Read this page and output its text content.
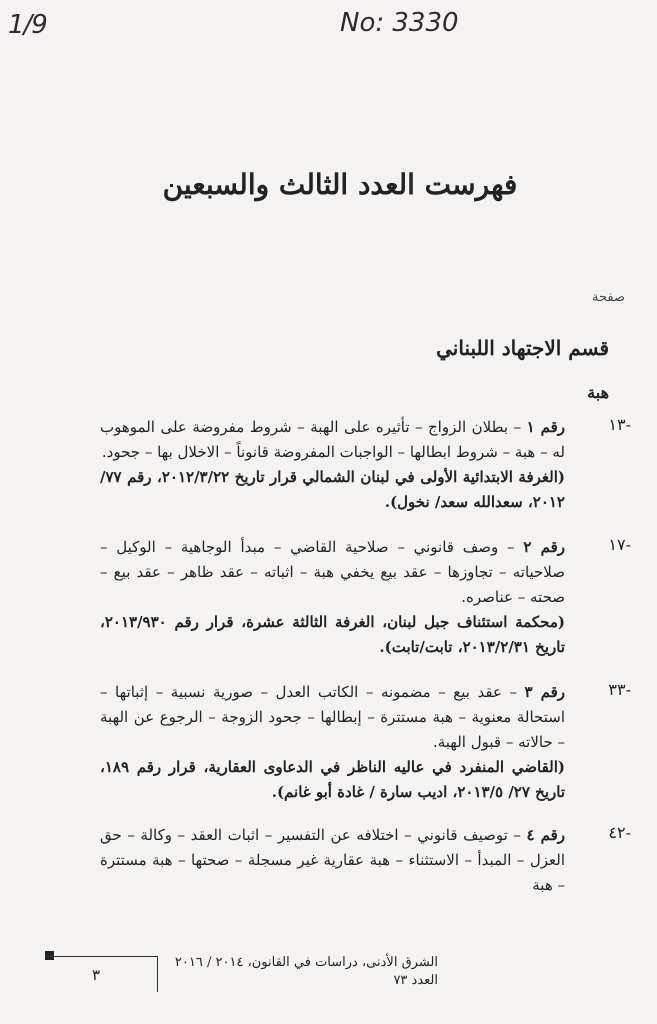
1/9	No: 3330
فهرست العدد الثالث والسبعين
صفحة
قسم الاجتهاد اللبناني
هبة
-١٣
رقم ١ – بطلان الزواج – تأثيره على الهبة – شروط مفروضة على الموهوب له – هبة – شروط ابطالها – الواجبات المفروضة قانوناً – الاخلال بها – جحود.
(الغرفة الابتدائية الأولى في لبنان الشمالي قرار تاريخ ٢٠١٢/٣/٢٢، رقم ٧٧/ ٢٠١٢، سعدالله سعد/ نخول).
-١٧
رقم ٢ – وصف قانوني – صلاحية القاضي – مبدأ الوجاهية – الوكيل – صلاحياته – تجاوزها – عقد بيع يخفي هبة – اثباته – عقد ظاهر – عقد بيع – صحته – عناصره.
(محكمة استئناف جبل لبنان، الغرفة الثالثة عشرة، قرار رقم ٢٠١٣/٩٣٠، تاريخ ٢٠١٣/٢/٣١، تابت/تابت).
-٣٣
رقم ٣ – عقد بيع – مضمونه – الكاتب العدل – صورية نسبية – إثباتها – استحالة معنوية – هبة مستترة – إبطالها – جحود الزوجة – الرجوع عن الهبة – حالاته – قبول الهبة.
(القاضي المنفرد في عاليه الناظر في الدعاوى العقارية، قرار رقم ١٨٩، تاريخ ٢٧/ ٢٠١٣/٥، اديب سارة / غادة أبو غانم).
-٤٢
رقم ٤ – توصيف قانوني – اختلافه عن التفسير – اثبات العقد – وكالة – حق العزل – المبدأ – الاستثناء – هبة عقارية غير مسجلة – صحتها – هبة مستترة – هبة
٣
الشرق الأدنى، دراسات في القانون، ٢٠١٤ / ٢٠١٦
العدد ٧٣
